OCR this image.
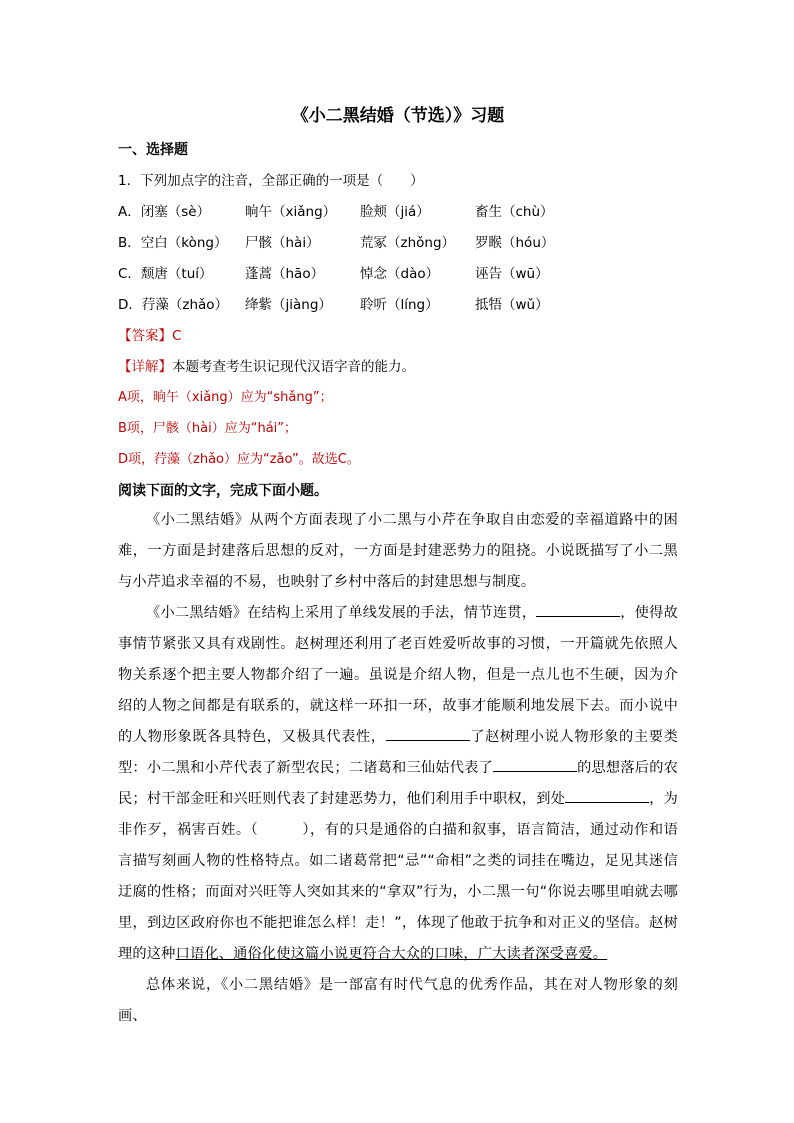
《小二黑结婚（节选）》习题
一、选择题
1．下列加点字的注音，全部正确的一项是（　　）
A．闭塞（sè）	晌午（xiǎng）	脸颊（jiá）	畜生（chù）
B．空白（kòng）	尸骸（hài）	荒冢（zhǒng）	罗睺（hóu）
C．颓唐（tuí）	蓬蒿（hāo）	悼念（dào）	诬告（wū）
D．荇藻（zhǎo）	绛紫（jiàng）	聆听（líng）	抵牾（wǔ）
【答案】C
【详解】本题考查考生识记现代汉语字音的能力。
A项，晌午（xiǎng）应为“shǎng”；
B项，尸骸（hài）应为“hái”；
D项，荇藻（zhǎo）应为“zǎo”。故选C。
阅读下面的文字，完成下面小题。

《小二黑结婚》从两个方面表现了小二黑与小芹在争取自由恋爱的幸福道路中的困难，一方面是封建落后思想的反对，一方面是封建恶势力的阻挠。小说既描写了小二黑与小芹追求幸福的不易，也映射了乡村中落后的封建思想与制度。

《小二黑结婚》在结构上采用了单线发展的手法，情节连贯，	，使得故事情节紧张又具有戏剧性。赵树理还利用了老百姓爱听故事的习惯，一开篇就先依照人物关系逐个把主要人物都介绍了一遍。虽说是介绍人物，但是一点儿也不生硬，因为介绍的人物之间都是有联系的，就这样一环扣一环，故事才能顺利地发展下去。而小说中的人物形象既各具特色，又极具代表性，	了赵树理小说人物形象的主要类型：小二黑和小芹代表了新型农民；二诸葛和三仙姑代表了	的思想落后的农民；村干部金旺和兴旺则代表了封建恶势力，他们利用手中职权，到处	，为非作歹，祸害百姓。（　　　），有的只是通俗的白描和叙事，语言简洁，通过动作和语言描写刻画人物的性格特点。如二诸葛常把“忌”“命相”之类的词挂在嘴边，足见其迷信迂腐的性格；而面对兴旺等人突如其来的“拿双”行为，小二黑一句“你说去哪里咱就去哪里，到边区政府你也不能把谁怎么样！走！”，体现了他敢于抗争和对正义的坚信。赵树理的这种口语化、通俗化使这篇小说更符合大众的口味，广大读者深受喜爱。

总体来说，《小二黑结婚》是一部富有时代气息的优秀作品，其在对人物形象的刻画、
